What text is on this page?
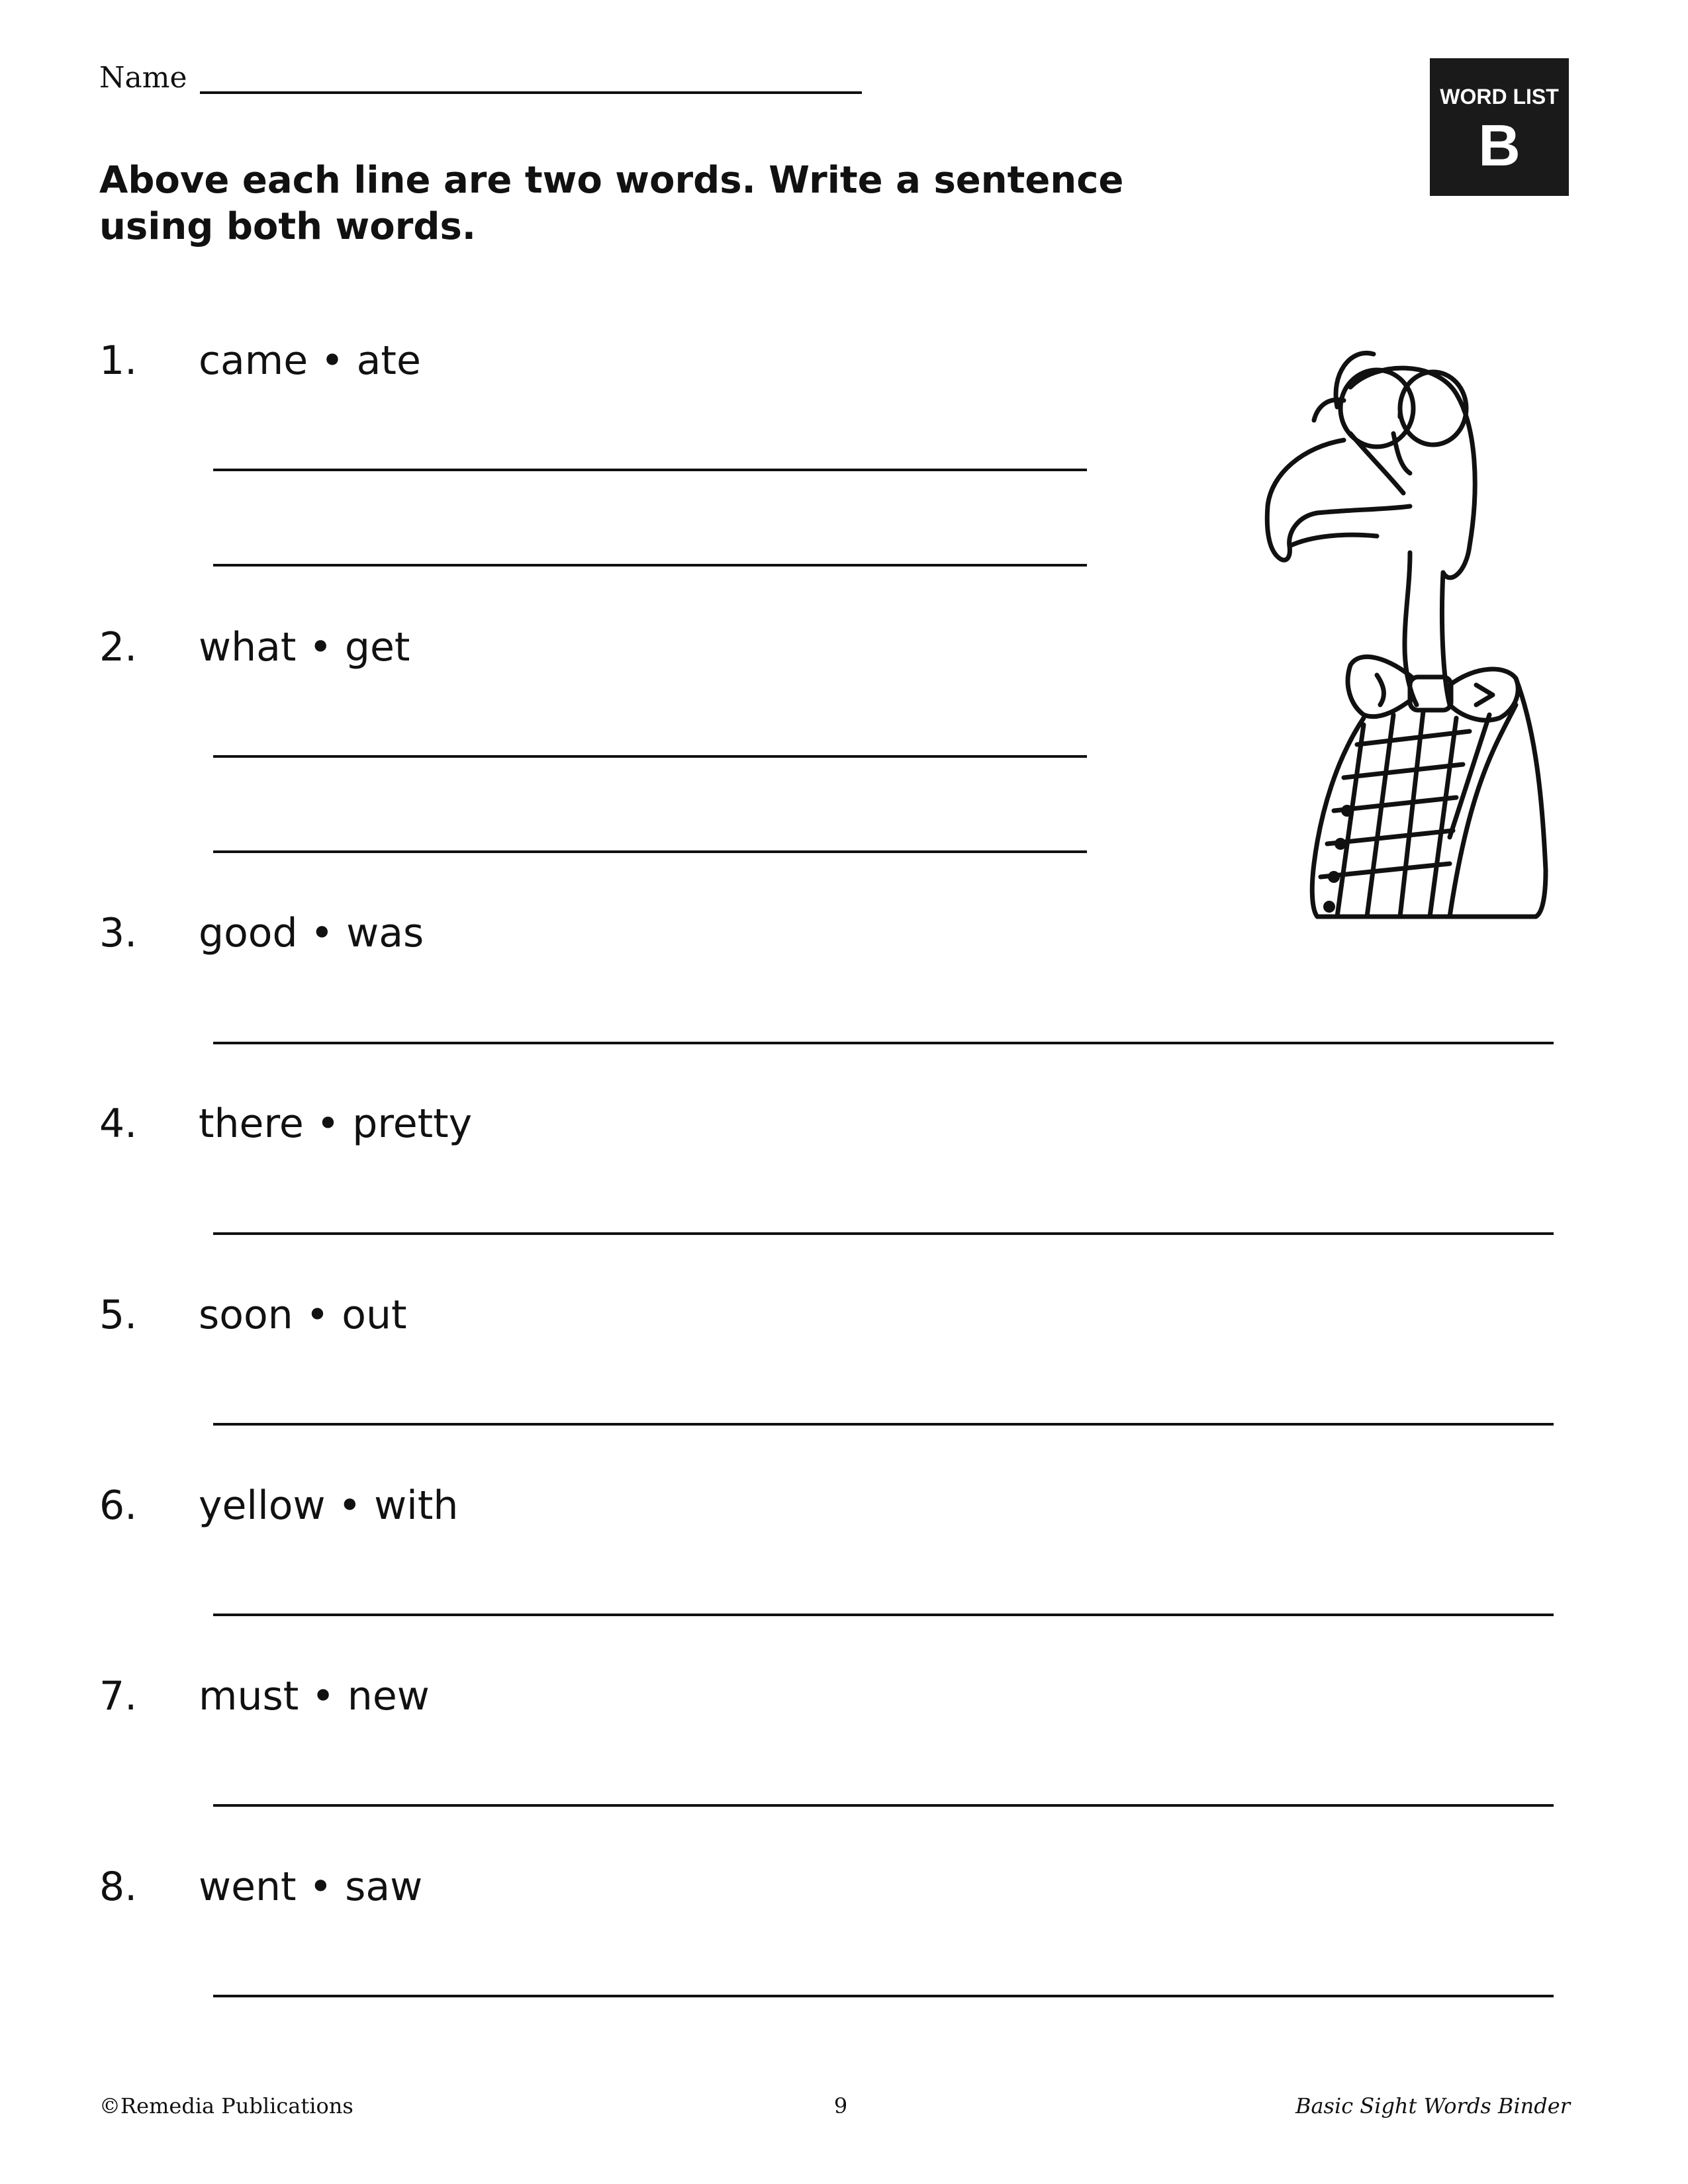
Name
WORD LIST
B
Above each line are two words. Write a sentence using both words.
1. came • ate
2. what • get
3. good • was
4. there • pretty
5. soon • out
6. yellow • with
7. must • new
8. went • saw
©Remedia Publications	9	Basic Sight Words Binder
